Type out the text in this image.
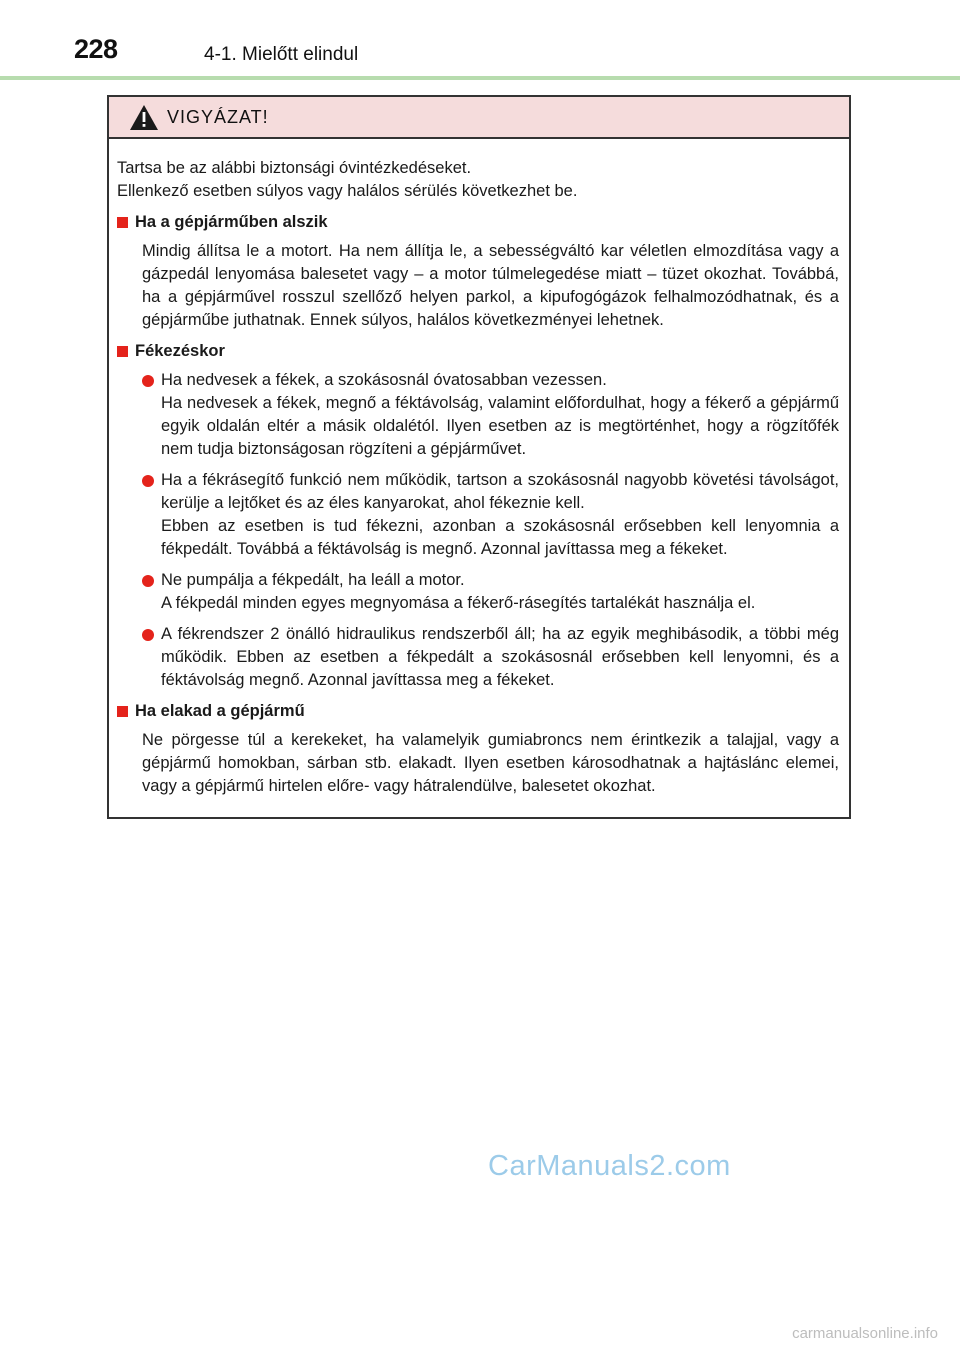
228	4-1. Mielőtt elindul
VIGYÁZAT!

Tartsa be az alábbi biztonsági óvintézkedéseket.
Ellenkező esetben súlyos vagy halálos sérülés következhet be.

Ha a gépjárműben alszik

Mindig állítsa le a motort. Ha nem állítja le, a sebességváltó kar véletlen elmozdítása vagy a gázpedál lenyomása balesetet vagy – a motor túlmelegedése miatt – tüzet okozhat. Továbbá, ha a gépjárművel rosszul szellőző helyen parkol, a kipufogógázok felhalmozódhatnak, és a gépjárműbe juthatnak. Ennek súlyos, halálos következményei lehetnek.

Fékezéskor
Ha nedvesek a fékek, a szokásosnál óvatosabban vezessen.
Ha nedvesek a fékek, megnő a féktávolság, valamint előfordulhat, hogy a fékerő a gépjármű egyik oldalán eltér a másik oldalétól. Ilyen esetben az is megtörténhet, hogy a rögzítőfék nem tudja biztonságosan rögzíteni a gépjárművet.
Ha a fékrásegítő funkció nem működik, tartson a szokásosnál nagyobb követési távolságot, kerülje a lejtőket és az éles kanyarokat, ahol fékeznie kell.
Ebben az esetben is tud fékezni, azonban a szokásosnál erősebben kell lenyomnia a fékpedált. Továbbá a féktávolság is megnő. Azonnal javíttassa meg a fékeket.
Ne pumpálja a fékpedált, ha leáll a motor.
A fékpedál minden egyes megnyomása a fékerő-rásegítés tartalékát használja el.
A fékrendszer 2 önálló hidraulikus rendszerből áll; ha az egyik meghibásodik, a többi még működik. Ebben az esetben a fékpedált a szokásosnál erősebben kell lenyomni, és a féktávolság megnő. Azonnal javíttassa meg a fékeket.
Ha elakad a gépjármű

Ne pörgesse túl a kerekeket, ha valamelyik gumiabroncs nem érintkezik a talajjal, vagy a gépjármű homokban, sárban stb. elakadt. Ilyen esetben károsodhatnak a hajtáslánc elemei, vagy a gépjármű hirtelen előre- vagy hátralendülve, balesetet okozhat.

CarManuals2.com
carmanualsonline.info
